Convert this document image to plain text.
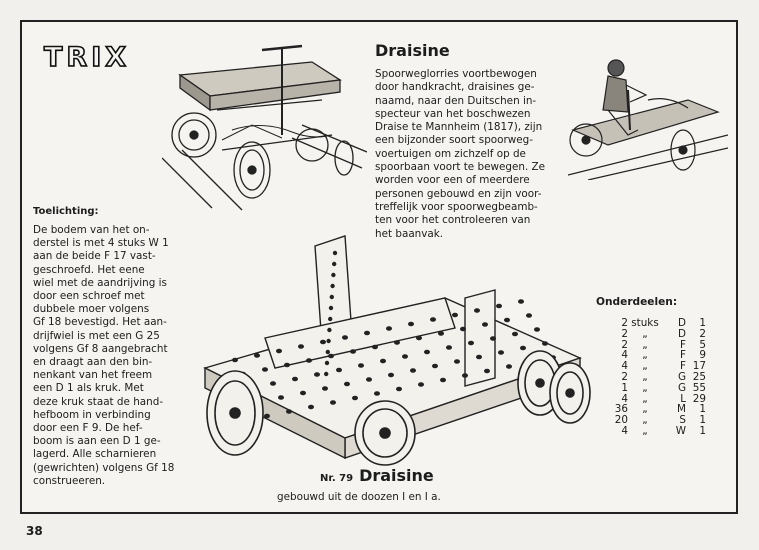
TRIX	Draisine
Spoorweglorries voortbewogen
door handkracht, draisines ge-
naamd, naar den Duitschen in-
specteur van het boschwezen
Draise te Mannheim (1817), zijn
een bijzonder soort spoorweg-
voertuigen om zichzelf op de
spoorbaan voort te bewegen. Ze
worden voor een of meerdere
personen gebouwd en zijn voor-
treffelijk voor spoorwegbeamb-
ten voor het controleeren van
het baanvak.
Toelichting:
De bodem van het on-
derstel is met 4 stuks W 1
aan de beide F 17 vast-
geschroefd. Het eene
wiel met de aandrijving is
door een schroef met
dubbele moer volgens
Gf 18 bevestigd. Het aan-
drijfwiel is met een G 25
volgens Gf 8 aangebracht
en draagt aan den bin-
nenkant van het freem
een D 1 als kruk. Met
deze kruk staat de hand-
hefboom in verbinding
door een F 9. De hef-
boom is aan een D 1 ge-
lagerd. Alle scharnieren
(gewrichten) volgens Gf 18
construeeren.
Onderdeelen:
2 stuks	D	1
2	„	D	2
2	„	F	5
4	„	F	9
4	„	F 17
2	„	G 25
1	„	G 55
4	„	L 29
36	„	M	1
20	„	S	1
4	„	W	1
Nr. 79 Draisine
gebouwd uit de doozen I en I a.
38
